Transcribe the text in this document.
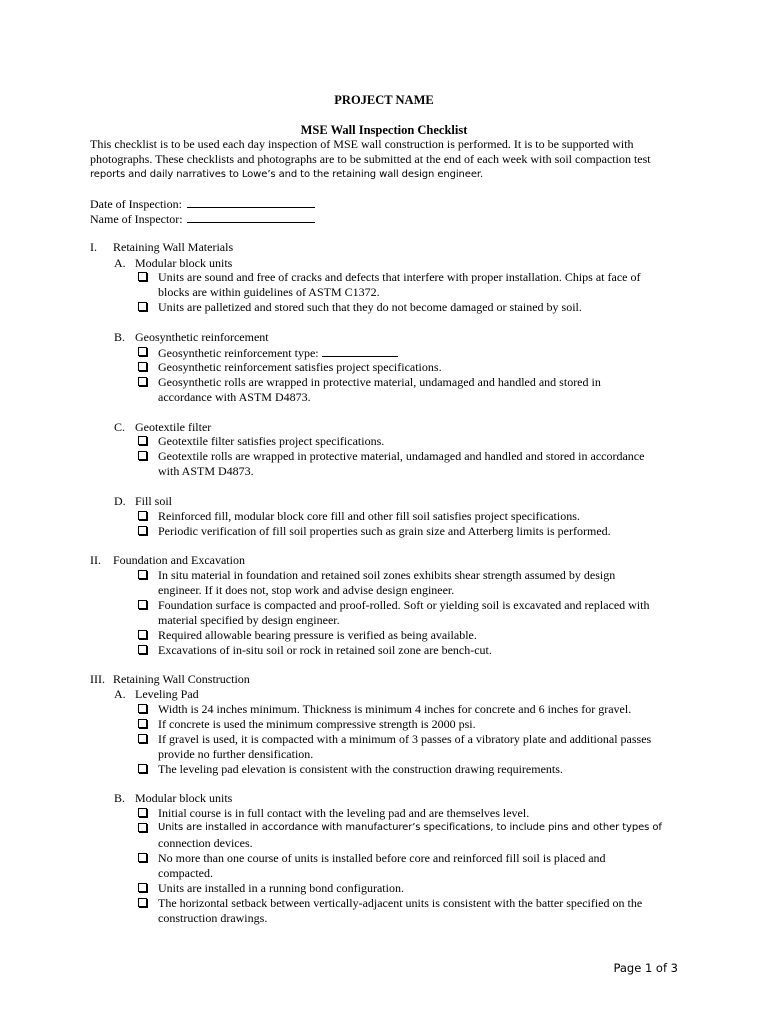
PROJECT NAME
MSE Wall Inspection Checklist
This checklist is to be used each day inspection of MSE wall construction is performed. It is to be supported with
photographs. These checklists and photographs are to be submitted at the end of each week with soil compaction test
reports and daily narratives to Lowe’s and to the retaining wall design engineer.
Date of Inspection:
Name of Inspector:
I. Retaining Wall Materials
A. Modular block units
Units are sound and free of cracks and defects that interfere with proper installation. Chips at face of
blocks are within guidelines of ASTM C1372.
Units are palletized and stored such that they do not become damaged or stained by soil.
B. Geosynthetic reinforcement
Geosynthetic reinforcement type:
Geosynthetic reinforcement satisfies project specifications.
Geosynthetic rolls are wrapped in protective material, undamaged and handled and stored in
accordance with ASTM D4873.
C. Geotextile filter
Geotextile filter satisfies project specifications.
Geotextile rolls are wrapped in protective material, undamaged and handled and stored in accordance
with ASTM D4873.
D. Fill soil
Reinforced fill, modular block core fill and other fill soil satisfies project specifications.
Periodic verification of fill soil properties such as grain size and Atterberg limits is performed.
II. Foundation and Excavation
In situ material in foundation and retained soil zones exhibits shear strength assumed by design
engineer. If it does not, stop work and advise design engineer.
Foundation surface is compacted and proof-rolled. Soft or yielding soil is excavated and replaced with
material specified by design engineer.
Required allowable bearing pressure is verified as being available.
Excavations of in-situ soil or rock in retained soil zone are bench-cut.
III. Retaining Wall Construction
A. Leveling Pad
Width is 24 inches minimum. Thickness is minimum 4 inches for concrete and 6 inches for gravel.
If concrete is used the minimum compressive strength is 2000 psi.
If gravel is used, it is compacted with a minimum of 3 passes of a vibratory plate and additional passes
provide no further densification.
The leveling pad elevation is consistent with the construction drawing requirements.
B. Modular block units
Initial course is in full contact with the leveling pad and are themselves level.
Units are installed in accordance with manufacturer’s specifications, to include pins and other types of
connection devices.
No more than one course of units is installed before core and reinforced fill soil is placed and
compacted.
Units are installed in a running bond configuration.
The horizontal setback between vertically-adjacent units is consistent with the batter specified on the
construction drawings.
Page 1 of 3
